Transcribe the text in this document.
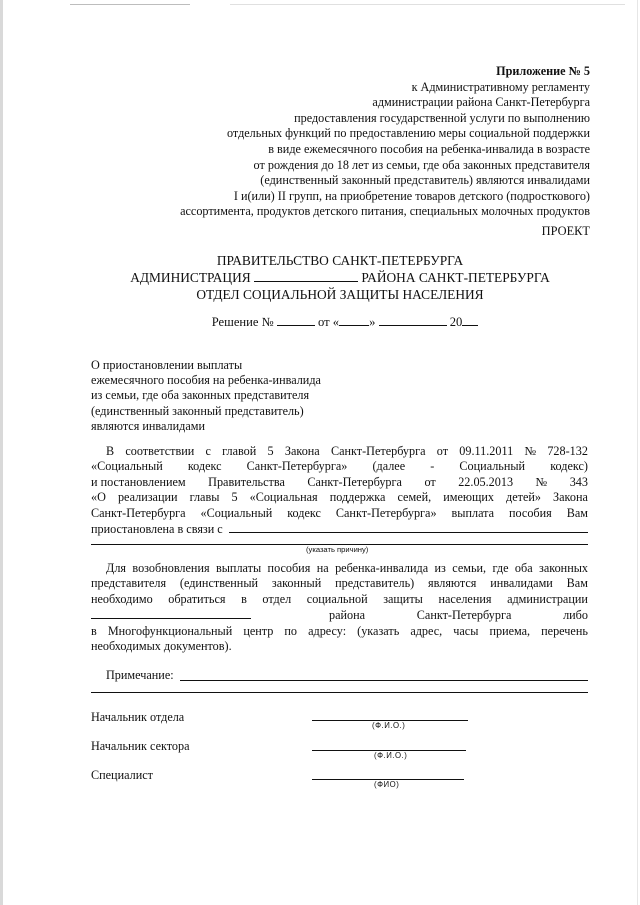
Приложение № 5
к Административному регламенту
администрации района Санкт-Петербурга
предоставления государственной услуги по выполнению
отдельных функций по предоставлению меры социальной поддержки
в виде ежемесячного пособия на ребенка-инвалида в возрасте
от рождения до 18 лет из семьи, где оба законных представителя
(единственный законный представитель) являются инвалидами
I и(или) II групп, на приобретение товаров детского (подросткового)
ассортимента, продуктов детского питания, специальных молочных продуктов
ПРОЕКТ
ПРАВИТЕЛЬСТВО САНКТ-ПЕТЕРБУРГА
АДМИНИСТРАЦИЯ	РАЙОНА САНКТ-ПЕТЕРБУРГА
ОТДЕЛ СОЦИАЛЬНОЙ ЗАЩИТЫ НАСЕЛЕНИЯ
Решение №	от « »	20
О приостановлении выплаты
ежемесячного пособия на ребенка-инвалида
из семьи, где оба законных представителя
(единственный законный представитель)
являются инвалидами
В соответствии с главой 5 Закона Санкт-Петербурга от 09.11.2011 № 728-132
«Социальный кодекс Санкт-Петербурга» (далее - Социальный кодекс)
и постановлением Правительства Санкт-Петербурга от 22.05.2013 № 343
«О реализации главы 5 «Социальная поддержка семей, имеющих детей» Закона
Санкт-Петербурга «Социальный кодекс Санкт-Петербурга» выплата пособия Вам
приостановлена в связи с
(указать причину)
Для возобновления выплаты пособия на ребенка-инвалида из семьи, где оба законных
представителя (единственный законный представитель) являются инвалидами Вам
необходимо обратиться в отдел социальной защиты населения администрации
района	Санкт-Петербурга	либо
в Многофункциональный центр по адресу: (указать адрес, часы приема, перечень
необходимых документов).
Примечание:
Начальник отдела
(Ф.И.О.)
Начальник сектора
(Ф.И.О.)
Специалист
(ФИО)
